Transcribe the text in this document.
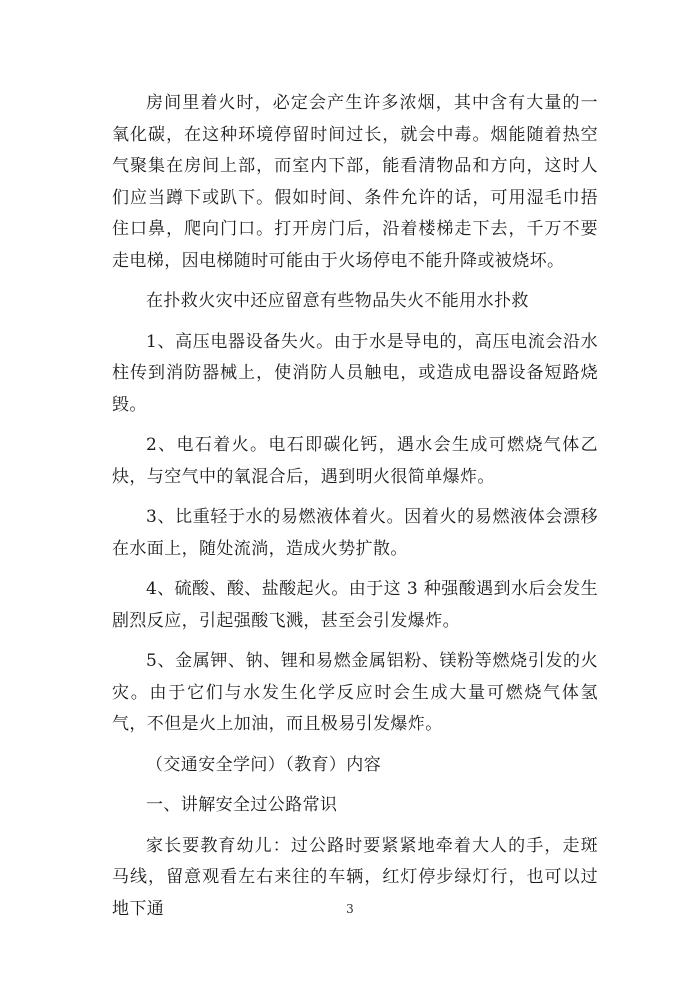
房间里着火时，必定会产生许多浓烟，其中含有大量的一氧化碳，在这种环境停留时间过长，就会中毒。烟能随着热空气聚集在房间上部，而室内下部，能看清物品和方向，这时人们应当蹲下或趴下。假如时间、条件允许的话，可用湿毛巾捂住口鼻，爬向门口。打开房门后，沿着楼梯走下去，千万不要走电梯，因电梯随时可能由于火场停电不能升降或被烧坏。

在扑救火灾中还应留意有些物品失火不能用水扑救

1、高压电器设备失火。由于水是导电的，高压电流会沿水柱传到消防器械上，使消防人员触电，或造成电器设备短路烧毁。

2、电石着火。电石即碳化钙，遇水会生成可燃烧气体乙炔，与空气中的氧混合后，遇到明火很简单爆炸。

3、比重轻于水的易燃液体着火。因着火的易燃液体会漂移在水面上，随处流淌，造成火势扩散。

4、硫酸、酸、盐酸起火。由于这 3 种强酸遇到水后会发生剧烈反应，引起强酸飞溅，甚至会引发爆炸。

5、金属钾、钠、锂和易燃金属铝粉、镁粉等燃烧引发的火灾。由于它们与水发生化学反应时会生成大量可燃烧气体氢气，不但是火上加油，而且极易引发爆炸。

（交通安全学问）（教育）内容

一、讲解安全过公路常识

家长要教育幼儿：过公路时要紧紧地牵着大人的手，走斑马线，留意观看左右来往的车辆，红灯停步绿灯行，也可以过地下通	3
